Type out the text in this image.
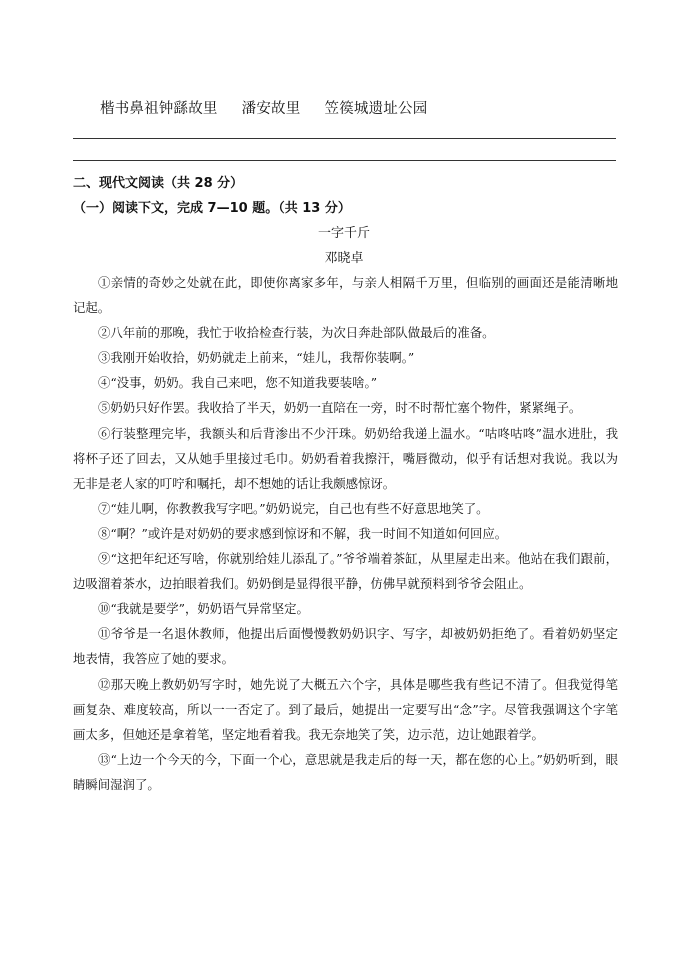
楷书鼻祖钟繇故里     潘安故里     笠篌城遗址公园
二、现代文阅读（共 28 分）
（一）阅读下文，完成 7—10 题。（共 13 分）
一字千斤
邓晓卓

①亲情的奇妙之处就在此，即使你离家多年，与亲人相隔千万里，但临别的画面还是能清晰地记起。

②八年前的那晚，我忙于收拾检查行装，为次日奔赴部队做最后的准备。

③我刚开始收拾，奶奶就走上前来，“娃儿，我帮你装啊。”

④“没事，奶奶。我自己来吧，您不知道我要装啥。”

⑤奶奶只好作罢。我收拾了半天，奶奶一直陪在一旁，时不时帮忙塞个物件，紧紧绳子。

⑥行装整理完毕，我额头和后背渗出不少汗珠。奶奶给我递上温水。“咕咚咕咚”温水进肚，我将杯子还了回去，又从她手里接过毛巾。奶奶看着我擦汗，嘴唇微动，似乎有话想对我说。我以为无非是老人家的叮咛和嘱托，却不想她的话让我颇感惊讶。

⑦“娃儿啊，你教教我写字吧。”奶奶说完，自己也有些不好意思地笑了。

⑧“啊？”或许是对奶奶的要求感到惊讶和不解，我一时间不知道如何回应。

⑨“这把年纪还写啥，你就别给娃儿添乱了。”爷爷端着茶缸，从里屋走出来。他站在我们跟前，边吸溜着茶水，边拍眼着我们。奶奶倒是显得很平静，仿佛早就预料到爷爷会阻止。

⑩“我就是要学”，奶奶语气异常坚定。

⑪爷爷是一名退休教师，他提出后面慢慢教奶奶识字、写字，却被奶奶拒绝了。看着奶奶坚定地表情，我答应了她的要求。

⑫那天晚上教奶奶写字时，她先说了大概五六个字，具体是哪些我有些记不清了。但我觉得笔画复杂、难度较高，所以一一否定了。到了最后，她提出一定要写出“念”字。尽管我强调这个字笔画太多，但她还是拿着笔，坚定地看着我。我无奈地笑了笑，边示范，边让她跟着学。

⑬“上边一个今天的今，下面一个心，意思就是我走后的每一天，都在您的心上。”奶奶听到，眼睛瞬间湿润了。
